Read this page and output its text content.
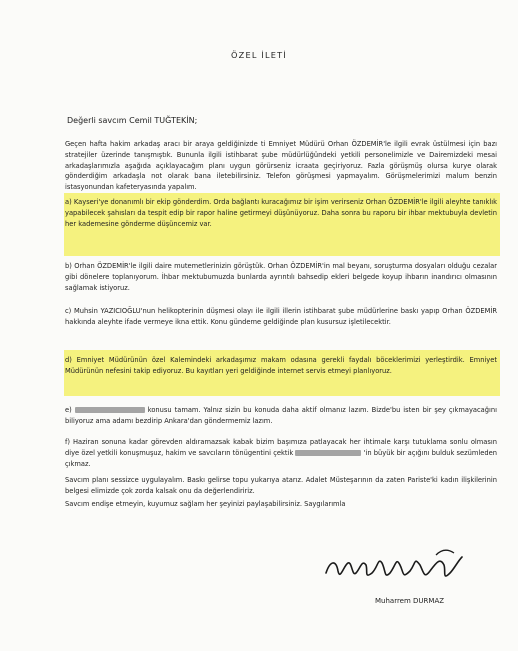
ÖZEL İLETİ
Değerli savcım Cemil TUĞTEKİN;

Geçen hafta hakim arkadaş aracı bir araya geldiğinizde ti Emniyet Müdürü Orhan ÖZDEMİR'le ilgili evrak üstülmesi için bazı stratejiler üzerinde tanışmıştık. Bununla ilgili istihbarat şube müdürlüğündeki yetkili personelimizle ve Dairemizdeki mesai arkadaşlarımızla aşağıda açıklayacağım planı uygun görürseniz icraata geçiriyoruz. Fazla görüşmüş olursa kurye olarak gönderdiğim arkadaşla not olarak bana iletebilirsiniz. Telefon görüşmesi yapmayalım. Görüşmelerimizi malum benzin istasyonundan kafeteryasında yapalım.

a) Kayseri'ye donanımlı bir ekip gönderdim. Orda bağlantı kuracağımız bir işim verirseniz Orhan ÖZDEMİR'le ilgili aleyhte tanıklık yapabilecek şahısları da tespit edip bir rapor haline getirmeyi düşünüyoruz. Daha sonra bu raporu bir ihbar mektubuyla devletin her kademesine gönderme düşüncemiz var.

b) Orhan ÖZDEMİR'le ilgili daire mutemetlerinizin görüştük. Orhan ÖZDEMİR'in mal beyanı, soruşturma dosyaları olduğu cezalar gibi dönelere toplanıyorum. İhbar mektubumuzda bunlarda ayrıntılı bahsedip ekleri belgede koyup ihbarın inandırıcı olmasının sağlamak istiyoruz.

c) Muhsin YAZICIOĞLU'nun helikopterinin düşmesi olayı ile ilgili illerin istihbarat şube müdürlerine baskı yapıp Orhan ÖZDEMİR hakkında aleyhte ifade vermeye ikna ettik. Konu gündeme geldiğinde plan kusursuz işletilecektir.

d) Emniyet Müdürünün özel Kalemindeki arkadaşımız makam odasına gerekli faydalı böceklerimizi yerleştirdik. Emniyet Müdürünün nefesini takip ediyoruz. Bu kayıtları yeri geldiğinde internet servis etmeyi planlıyoruz.

e)	konusu tamam. Yalnız sizin bu konuda daha aktif olmanız lazım. Bizde'bu isten bir şey çıkmayacağını biliyoruz ama adamı bezdirip Ankara'dan göndermemiz lazım.

f) Haziran sonuna kadar görevden aldıramazsak kabak bizim başımıza patlayacak her ihtimale karşı tutuklama sonlu olmasın diye özel yetkili konuşmuşuz, hakim ve savcıların tönügentini çektik	'in büyük bir açığını bulduk sezümleden çıkmaz.

Savcım planı sessizce uygulayalım. Baskı gelirse topu yukarıya atarız. Adalet Müsteşarının da zaten Pariste'ki kadın ilişkilerinin belgesi elimizde çok zorda kalsak onu da değerlendiririz.

Savcım endişe etmeyin, kuyumuz sağlam her şeyinizi paylaşabilirsiniz. Saygılarımla

Muharrem DURMAZ
